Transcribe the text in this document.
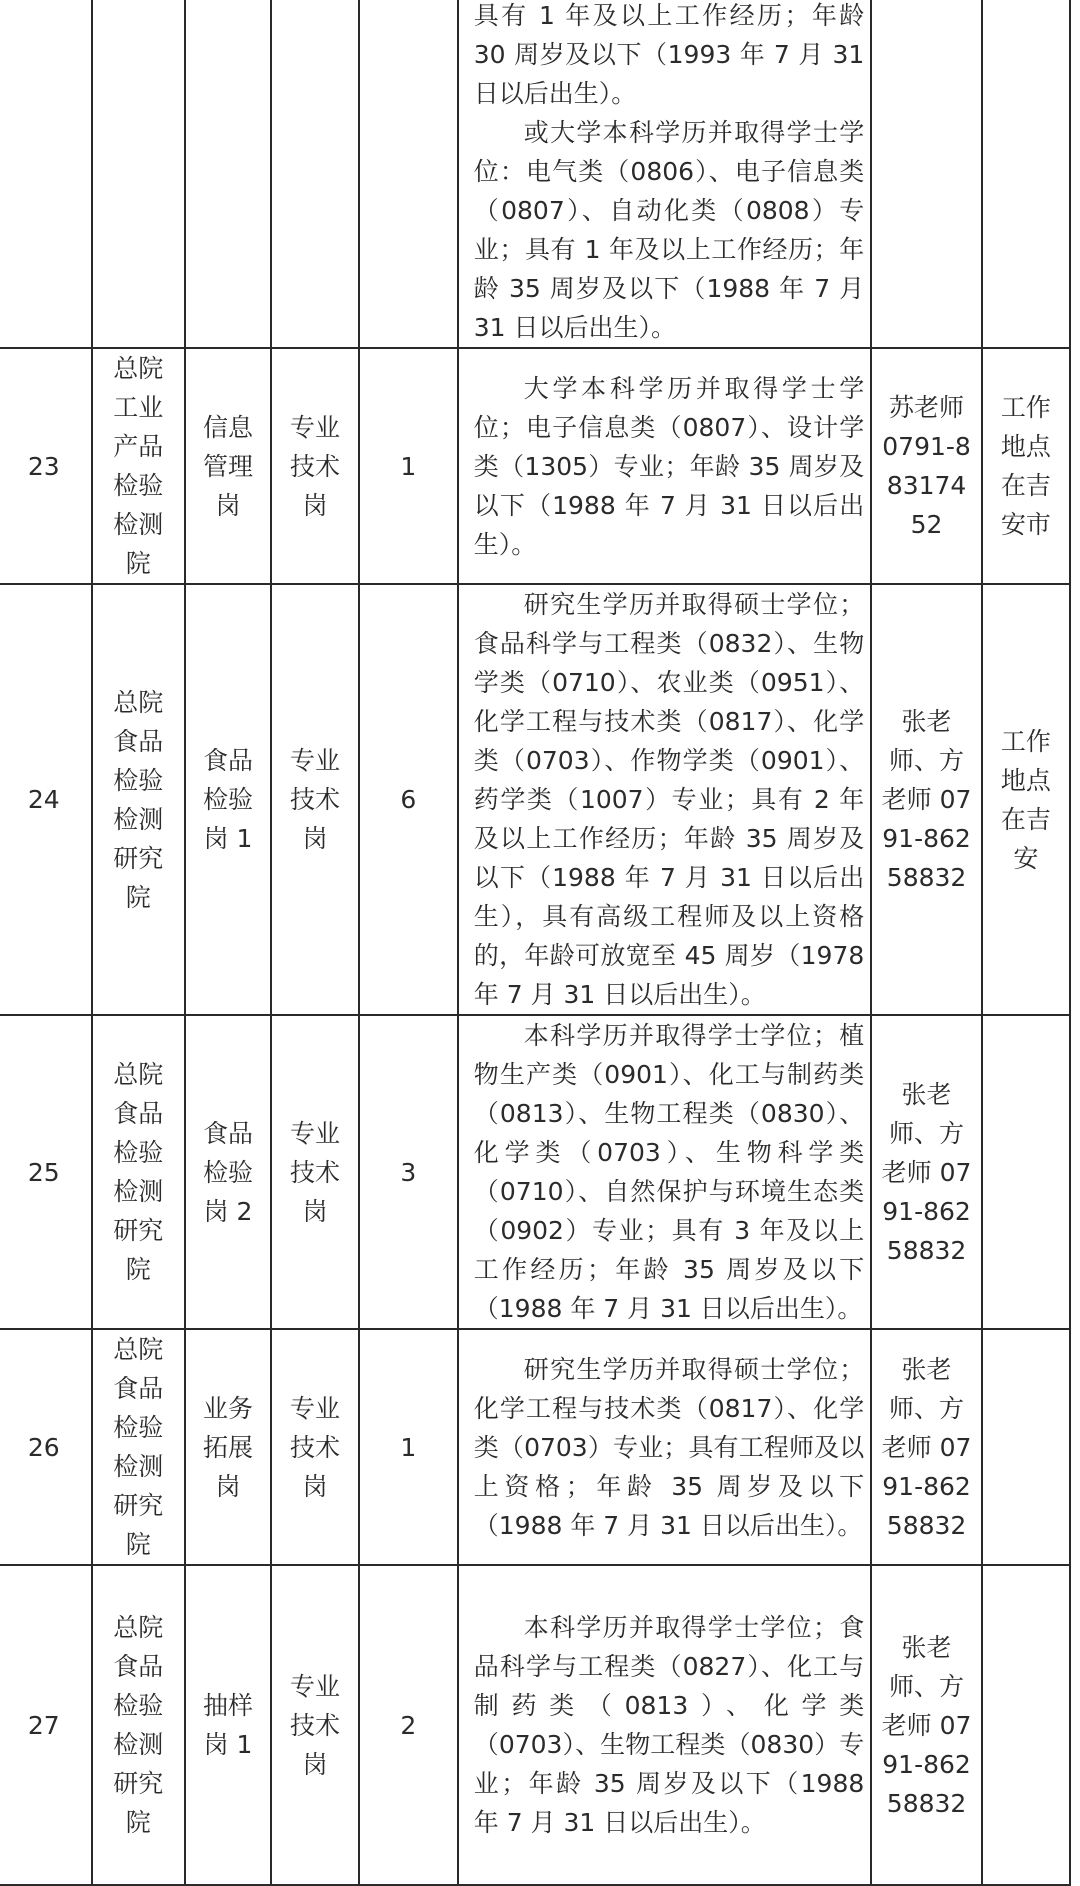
					具有 1 年及以上工作经历；年龄 30 周岁及以下（1993 年 7 月 31 日以后出生）。

或大学本科学历并取得学士学位：电气类（0806）、电子信息类（0807）、自动化类（0808）专业；具有 1 年及以上工作经历；年龄 35 周岁及以下（1988 年 7 月 31 日以后出生）。		

23	总院工业产品检验检测院	信息管理岗	专业技术岗	1	大学本科学历并取得学士学位；电子信息类（0807）、设计学类（1305）专业；年龄 35 周岁及以下（1988 年 7 月 31 日以后出生）。	苏老师 0791-88317452	工作地点在吉安市
24	总院食品检验检测研究院	食品检验岗 1	专业技术岗	6	研究生学历并取得硕士学位；食品科学与工程类（0832）、生物学类（0710）、农业类（0951）、化学工程与技术类（0817）、化学类（0703）、作物学类（0901）、药学类（1007）专业；具有 2 年及以上工作经历；年龄 35 周岁及以下（1988 年 7 月 31 日以后出生），具有高级工程师及以上资格的，年龄可放宽至 45 周岁（1978 年 7 月 31 日以后出生）。	张老师、方老师 0791-86258832	工作地点在吉安
25	总院食品检验检测研究院	食品检验岗 2	专业技术岗	3	本科学历并取得学士学位；植物生产类（0901）、化工与制药类（0813）、生物工程类（0830）、化学类（0703）、生物科学类（0710）、自然保护与环境生态类（0902）专业；具有 3 年及以上工作经历；年龄 35 周岁及以下（1988 年 7 月 31 日以后出生）。	张老师、方老师 0791-86258832	
26	总院食品检验检测研究院	业务拓展岗	专业技术岗	1	研究生学历并取得硕士学位；化学工程与技术类（0817）、化学类（0703）专业；具有工程师及以上资格；年龄 35 周岁及以下（1988 年 7 月 31 日以后出生）。	张老师、方老师 0791-86258832	
27	总院食品检验检测研究院	抽样岗 1	专业技术岗	2	本科学历并取得学士学位；食品科学与工程类（0827）、化工与制药类（0813）、化学类（0703）、生物工程类（0830）专业；年龄 35 周岁及以下（1988 年 7 月 31 日以后出生）。	张老师、方老师 0791-86258832	
